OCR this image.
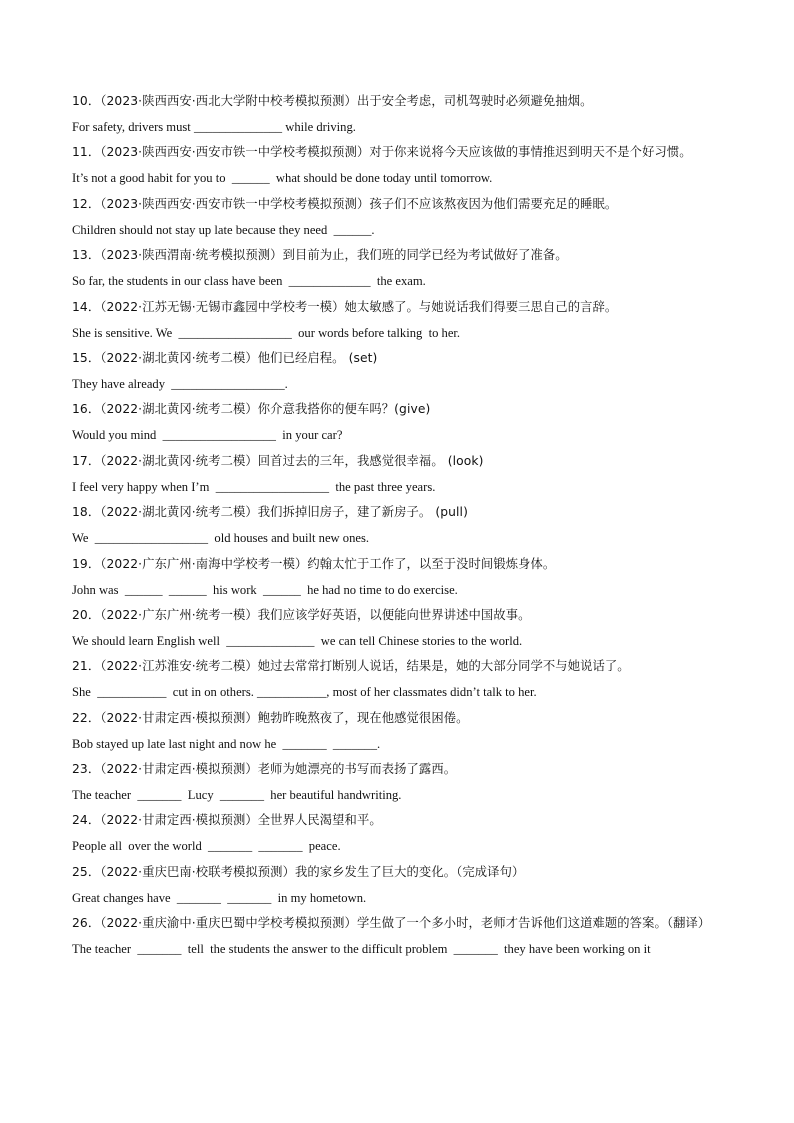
10．（2023·陕西西安·西北大学附中校考模拟预测）出于安全考虑，司机驾驶时必须避免抽烟。

For safety, drivers must ______________ while driving.

11．（2023·陕西西安·西安市铁一中学校考模拟预测）对于你来说将今天应该做的事情推迟到明天不是个好习惯。

It’s not a good habit for you to  ______  what should be done today until tomorrow.

12．（2023·陕西西安·西安市铁一中学校考模拟预测）孩子们不应该熬夜因为他们需要充足的睡眠。

Children should not stay up late because they need  ______.

13．（2023·陕西渭南·统考模拟预测）到目前为止，我们班的同学已经为考试做好了准备。

So far, the students in our class have been  _____________  the exam.

14．（2022·江苏无锡·无锡市鑫园中学校考一模）她太敏感了。与她说话我们得要三思自己的言辞。

She is sensitive. We  __________________  our words before talking  to her.

15．（2022·湖北黄冈·统考二模）他们已经启程。 (set)

They have already  __________________.

16．（2022·湖北黄冈·统考二模）你介意我搭你的便车吗？(give)

Would you mind  __________________  in your car?

17．（2022·湖北黄冈·统考二模）回首过去的三年，我感觉很幸福。 (look)

I feel very happy when I’m  __________________  the past three years.

18．（2022·湖北黄冈·统考二模）我们拆掉旧房子，建了新房子。 (pull)

We  __________________  old houses and built new ones.

19．（2022·广东广州·南海中学校考一模）约翰太忙于工作了，以至于没时间锻炼身体。

John was  ______  ______  his work  ______  he had no time to do exercise.

20．（2022·广东广州·统考一模）我们应该学好英语，以便能向世界讲述中国故事。

We should learn English well  ______________  we can tell Chinese stories to the world.

21．（2022·江苏淮安·统考二模）她过去常常打断别人说话，结果是，她的大部分同学不与她说话了。

She  ___________  cut in on others. ___________, most of her classmates didn’t talk to her.

22．（2022·甘肃定西·模拟预测）鲍勃昨晚熬夜了，现在他感觉很困倦。

Bob stayed up late last night and now he  _______  _______.

23．（2022·甘肃定西·模拟预测）老师为她漂亮的书写而表扬了露西。

The teacher  _______  Lucy  _______  her beautiful handwriting.

24．（2022·甘肃定西·模拟预测）全世界人民渴望和平。

People all  over the world  _______  _______  peace.

25．（2022·重庆巴南·校联考模拟预测）我的家乡发生了巨大的变化。（完成译句）

Great changes have  _______  _______  in my hometown.

26．（2022·重庆渝中·重庆巴蜀中学校考模拟预测）学生做了一个多小时，老师才告诉他们这道难题的答案。（翻译）

The teacher  _______  tell  the students the answer to the difficult problem  _______  they have been working on it
